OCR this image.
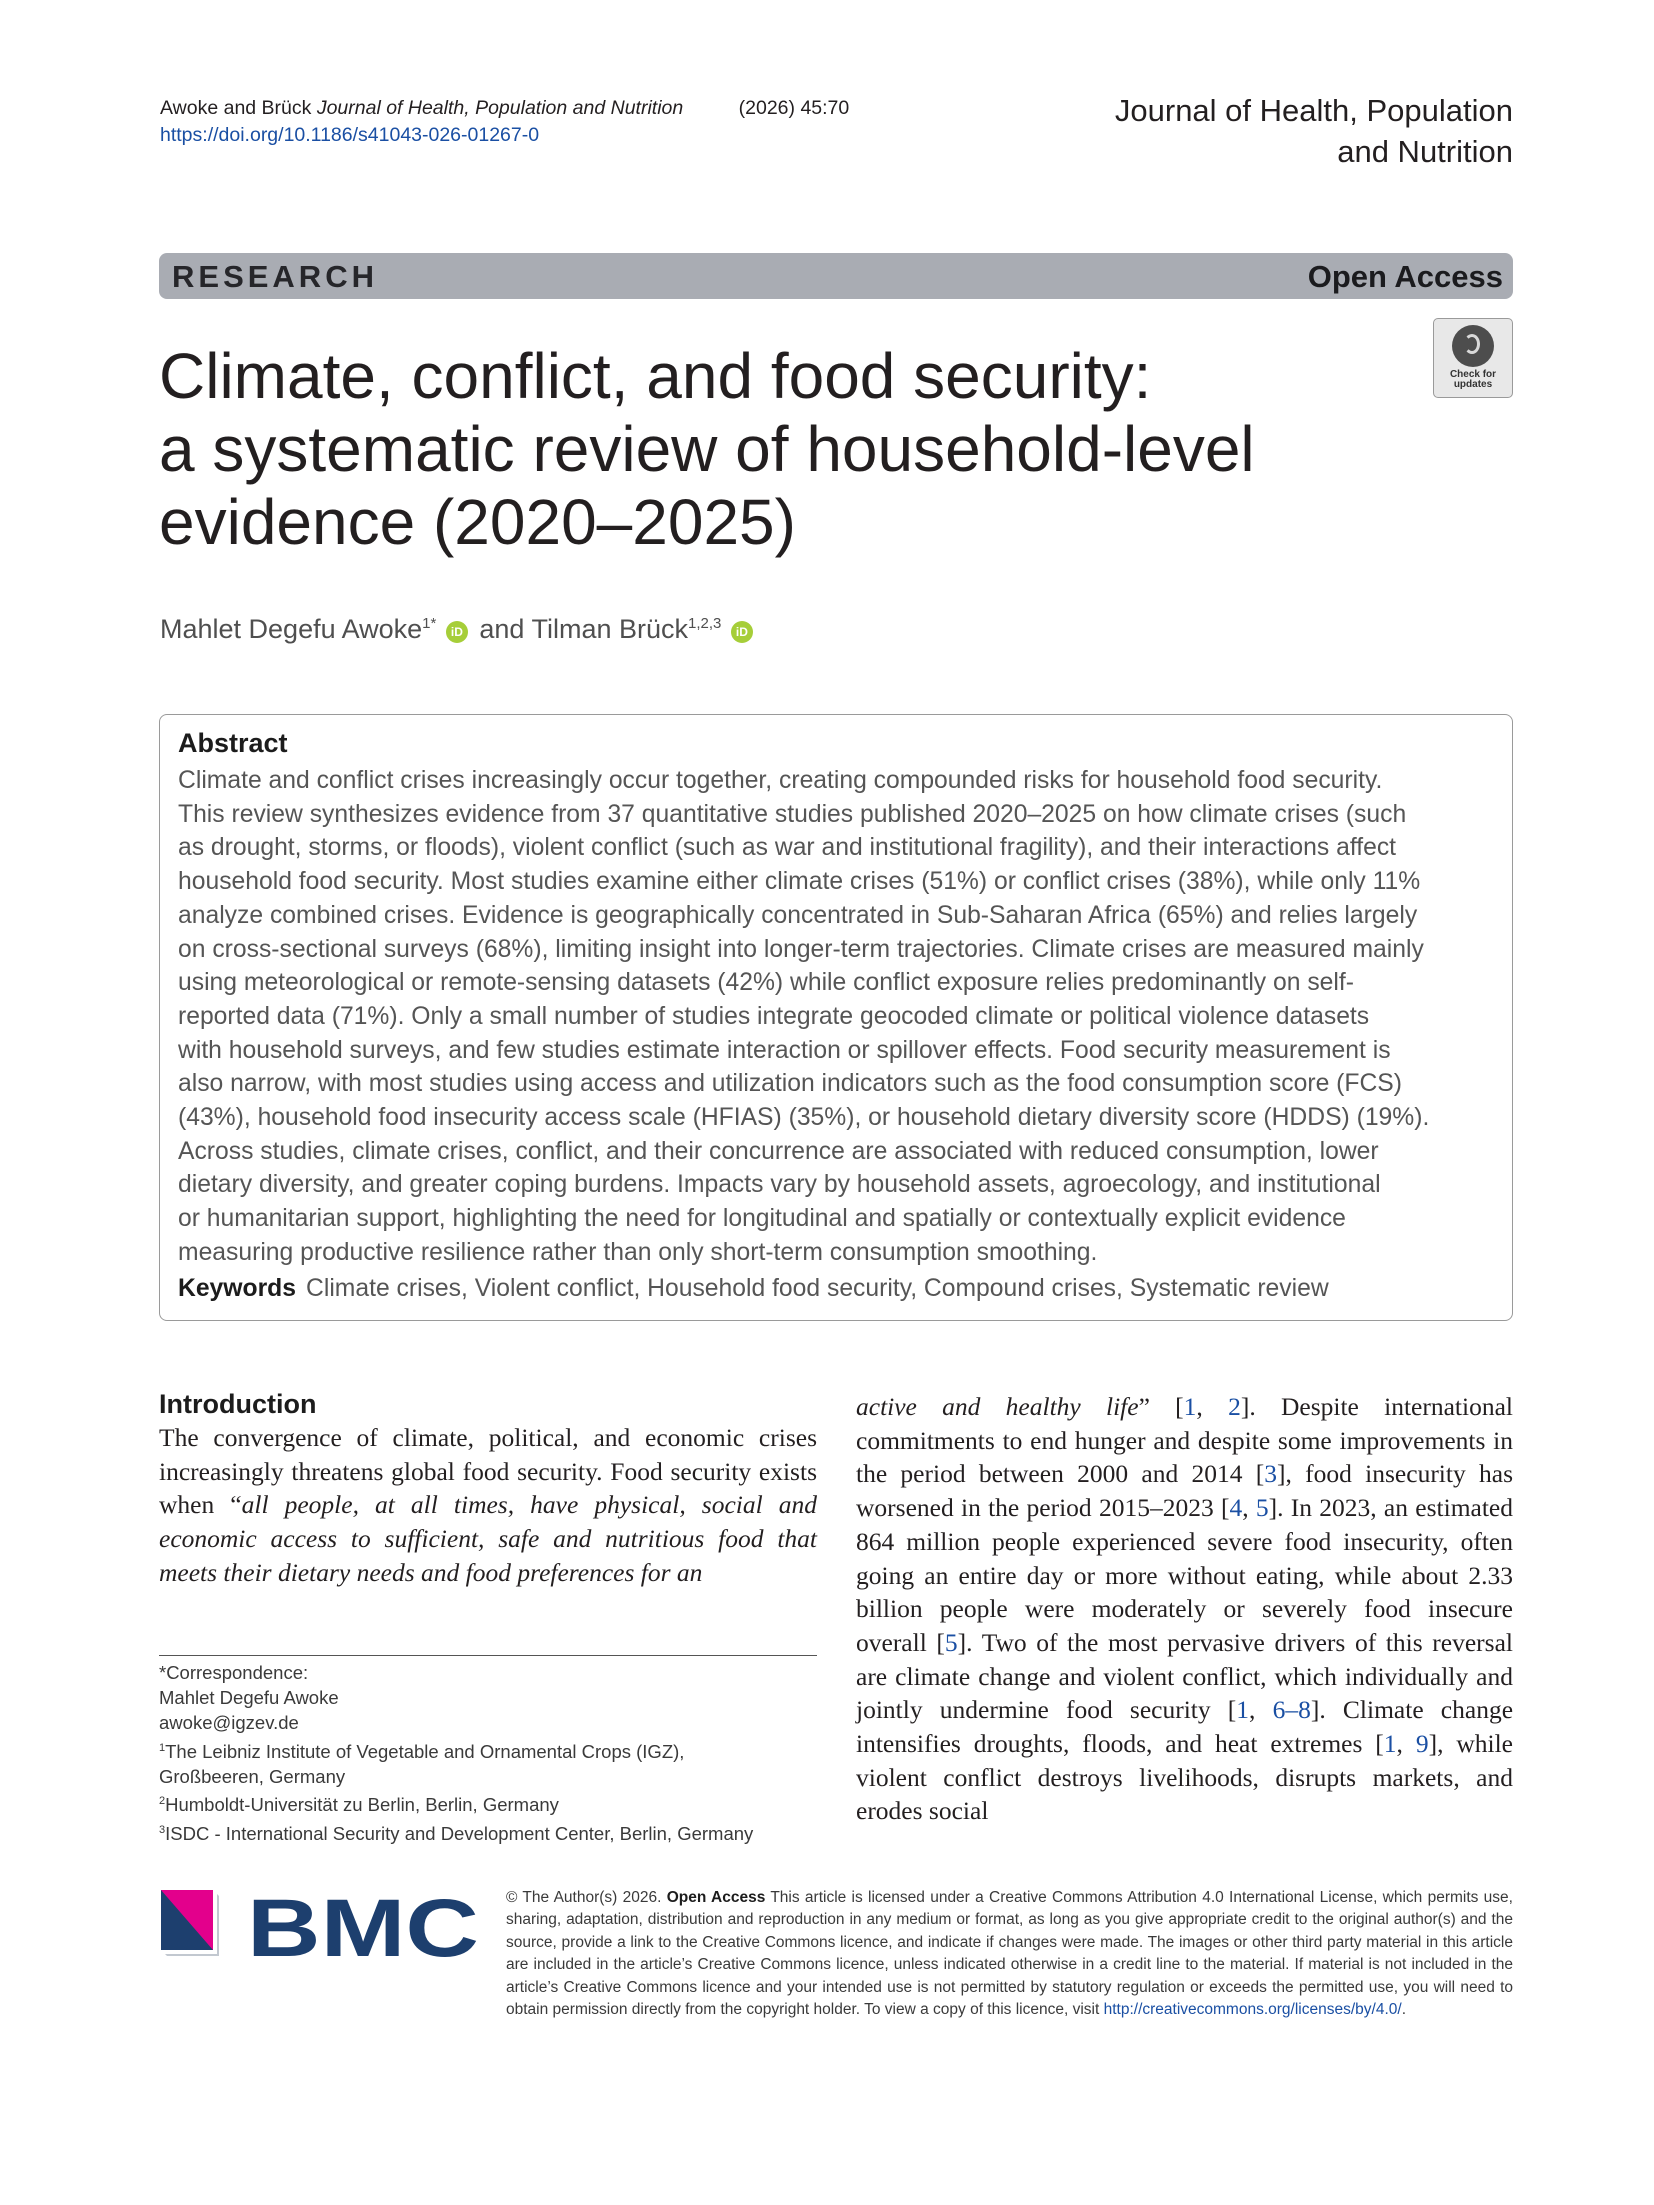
Awoke and Brück Journal of Health, Population and Nutrition	(2026) 45:70
https://doi.org/10.1186/s41043-026-01267-0
Journal of Health, Population
and Nutrition
RESEARCH	Open Access
Check for
updates
Climate, conflict, and food security:
a systematic review of household-level
evidence (2020–2025)
Mahlet Degefu Awoke$^{1*}$ iD and Tilman Brück$^{1,2,3}$ iD
Abstract
Climate and conflict crises increasingly occur together, creating compounded risks for household food security.
This review synthesizes evidence from 37 quantitative studies published 2020–2025 on how climate crises (such
as drought, storms, or floods), violent conflict (such as war and institutional fragility), and their interactions affect
household food security. Most studies examine either climate crises (51%) or conflict crises (38%), while only 11%
analyze combined crises. Evidence is geographically concentrated in Sub-Saharan Africa (65%) and relies largely
on cross-sectional surveys (68%), limiting insight into longer-term trajectories. Climate crises are measured mainly
using meteorological or remote-sensing datasets (42%) while conflict exposure relies predominantly on self-
reported data (71%). Only a small number of studies integrate geocoded climate or political violence datasets
with household surveys, and few studies estimate interaction or spillover effects. Food security measurement is
also narrow, with most studies using access and utilization indicators such as the food consumption score (FCS)
(43%), household food insecurity access scale (HFIAS) (35%), or household dietary diversity score (HDDS) (19%).
Across studies, climate crises, conflict, and their concurrence are associated with reduced consumption, lower
dietary diversity, and greater coping burdens. Impacts vary by household assets, agroecology, and institutional
or humanitarian support, highlighting the need for longitudinal and spatially or contextually explicit evidence
measuring productive resilience rather than only short-term consumption smoothing.
Keywords Climate crises, Violent conflict, Household food security, Compound crises, Systematic review
Introduction
The convergence of climate, political, and economic crises increasingly threatens global food security. Food security exists when “all people, at all times, have physical, social and economic access to sufficient, safe and nutritious food that meets their dietary needs and food preferences for an
active and healthy life” [1, 2]. Despite international commitments to end hunger and despite some improvements in the period between 2000 and 2014 [3], food insecurity has worsened in the period 2015–2023 [4, 5]. In 2023, an estimated 864 million people experienced severe food insecurity, often going an entire day or more without eating, while about 2.33 billion people were moderately or severely food insecure overall [5]. Two of the most pervasive drivers of this reversal are climate change and violent conflict, which individually and jointly undermine food security [1, 6–8]. Climate change intensifies droughts, floods, and heat extremes [1, 9], while violent conflict destroys livelihoods, disrupts markets, and erodes social
*Correspondence:
Mahlet Degefu Awoke
awoke@igzev.de
$^1$The Leibniz Institute of Vegetable and Ornamental Crops (IGZ),
Großbeeren, Germany
$^2$Humboldt-Universität zu Berlin, Berlin, Germany
$^3$ISDC - International Security and Development Center, Berlin, Germany
BMC © The Author(s) 2026. Open Access This article is licensed under a Creative Commons Attribution 4.0 International License, which permits use, sharing, adaptation, distribution and reproduction in any medium or format, as long as you give appropriate credit to the original author(s) and the source, provide a link to the Creative Commons licence, and indicate if changes were made. The images or other third party material in this article are included in the article’s Creative Commons licence, unless indicated otherwise in a credit line to the material. If material is not included in the article’s Creative Commons licence and your intended use is not permitted by statutory regulation or exceeds the permitted use, you will need to obtain permission directly from the copyright holder. To view a copy of this licence, visit http://creativecommons.org/licenses/by/4.0/.
